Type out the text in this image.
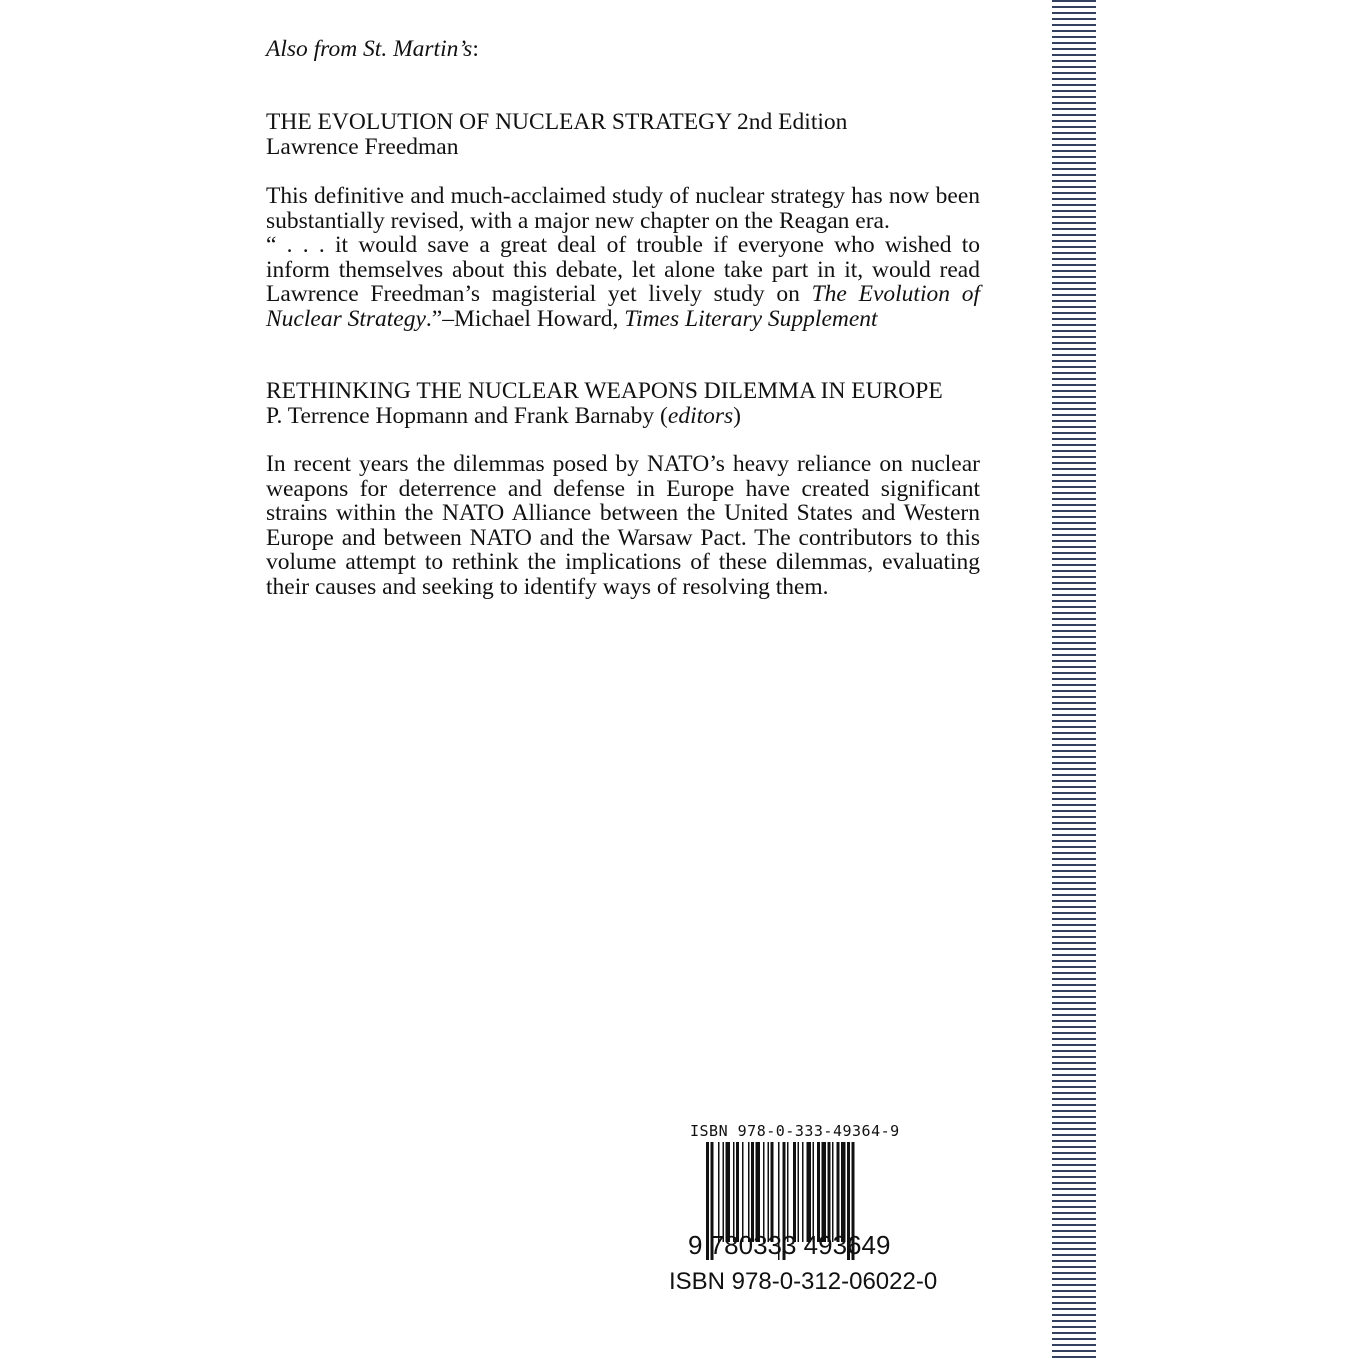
Also from St. Martin’s:
THE EVOLUTION OF NUCLEAR STRATEGY 2nd Edition
Lawrence Freedman
This definitive and much-acclaimed study of nuclear strategy has now been
substantially revised, with a major new chapter on the Reagan era.
“ . . . it would save a great deal of trouble if everyone who wished to
inform themselves about this debate, let alone take part in it, would read
Lawrence Freedman’s magisterial yet lively study on The Evolution of
Nuclear Strategy.”–Michael Howard, Times Literary Supplement
RETHINKING THE NUCLEAR WEAPONS DILEMMA IN EUROPE
P. Terrence Hopmann and Frank Barnaby (editors)
In recent years the dilemmas posed by NATO’s heavy reliance on nuclear
weapons for deterrence and defense in Europe have created significant
strains within the NATO Alliance between the United States and Western
Europe and between NATO and the Warsaw Pact. The contributors to this
volume attempt to rethink the implications of these dilemmas, evaluating
their causes and seeking to identify ways of resolving them.
ISBN 978-0-333-49364-9
9 780333 493649
ISBN 978-0-312-06022-0
